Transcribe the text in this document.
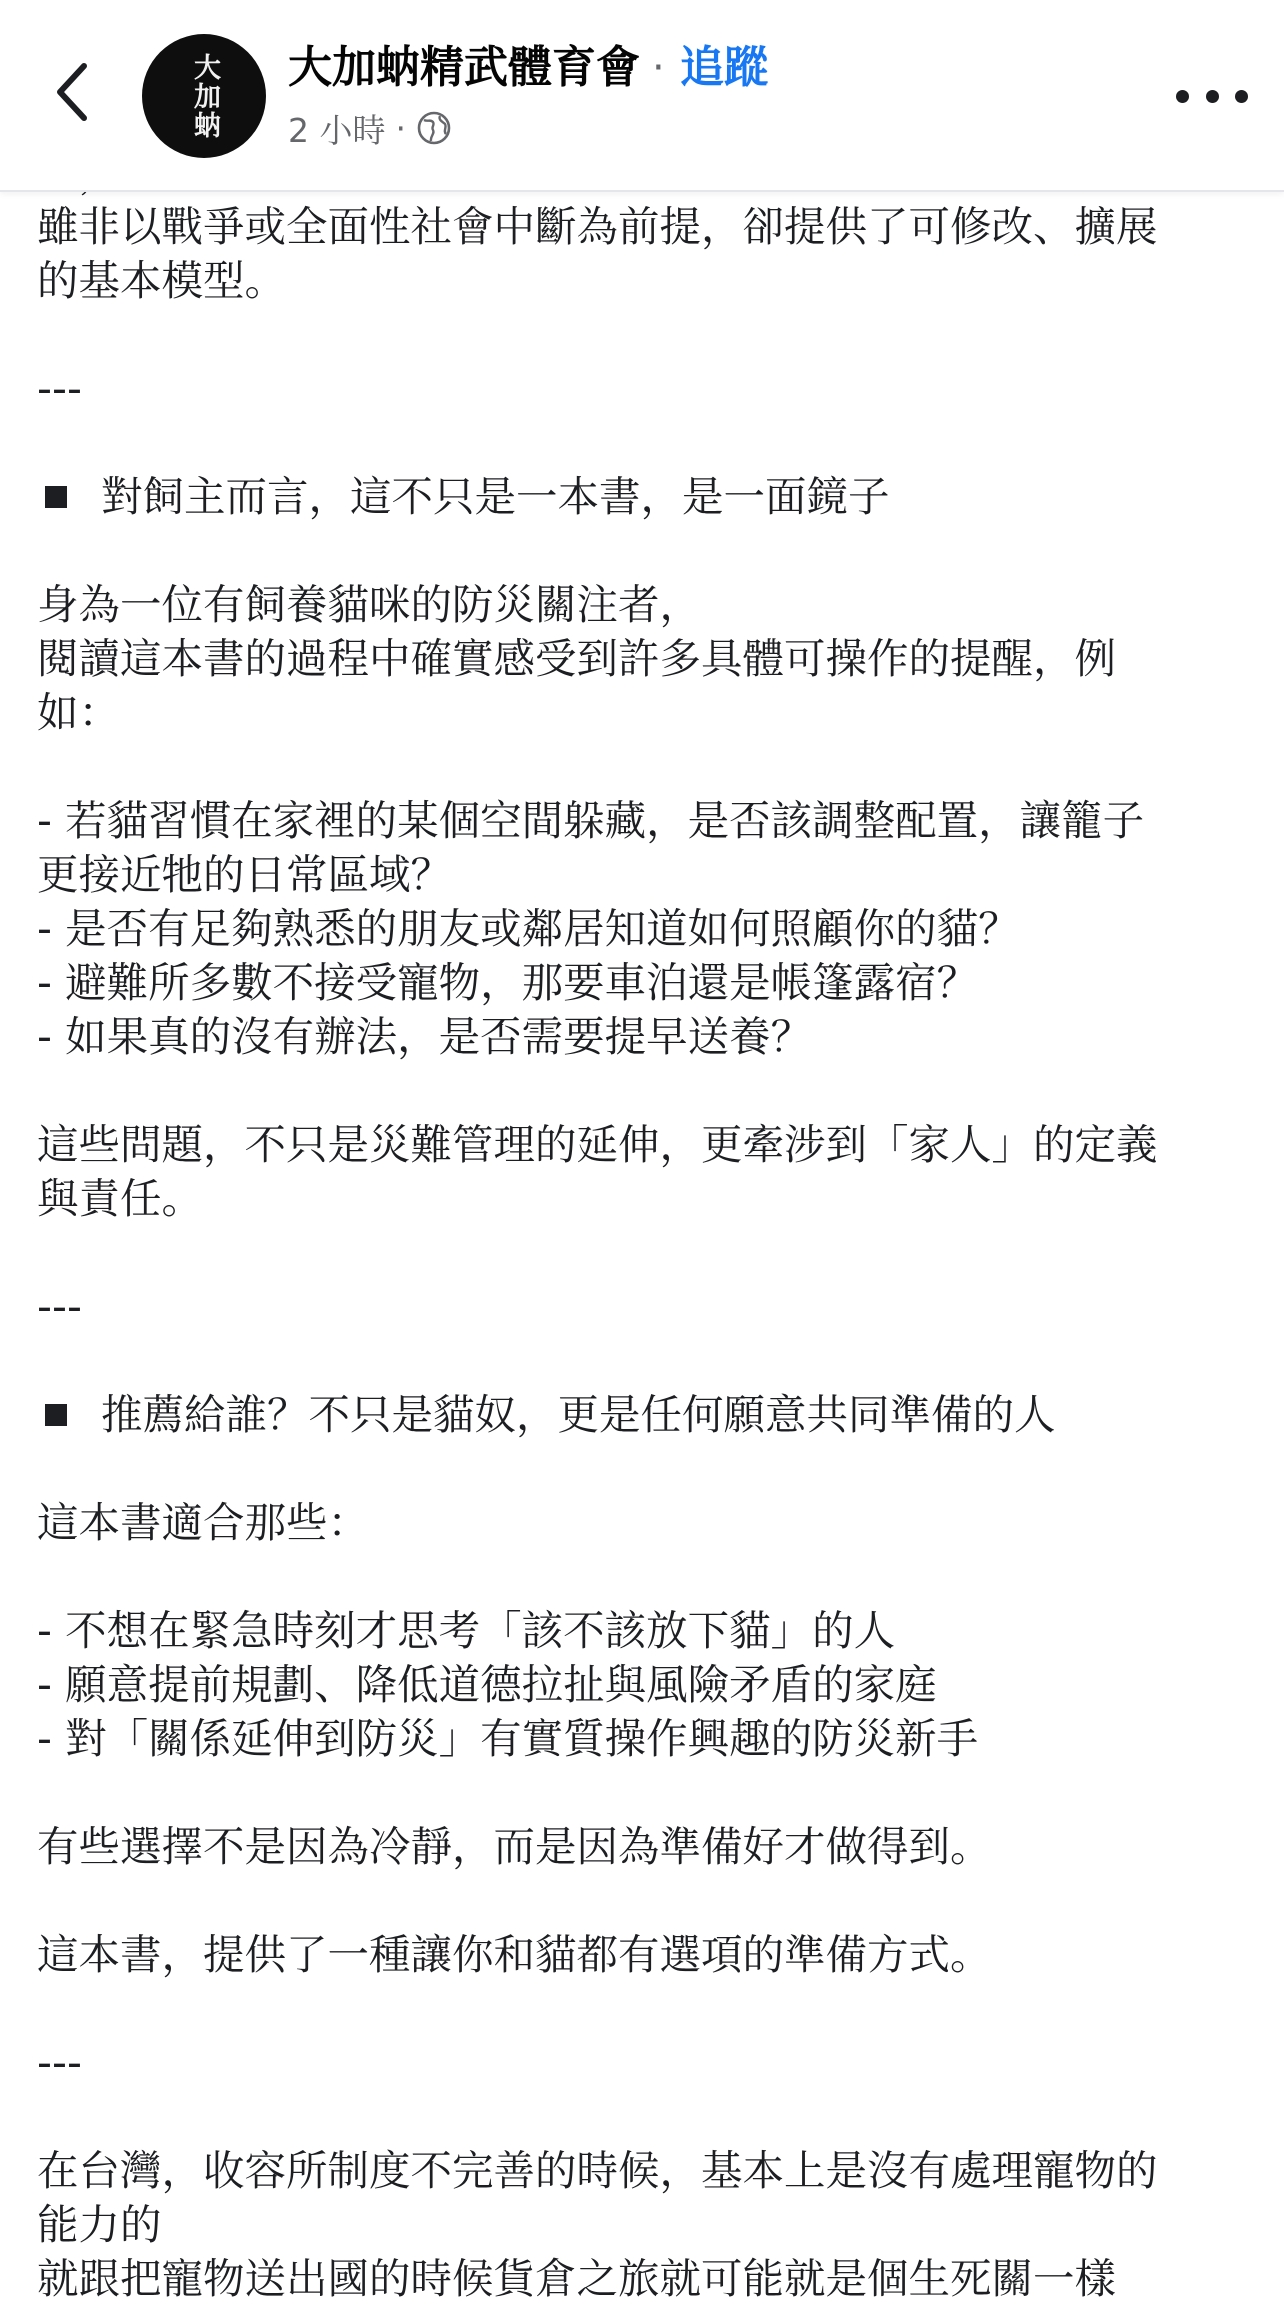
大加蚋 大加蚋精武體育會 · 追蹤
2 小時 ·
雖非以戰爭或全面性社會中斷為前提，卻提供了可修改、擴展
的基本模型。
---
對飼主而言，這不只是一本書，是一面鏡子
身為一位有飼養貓咪的防災關注者，
閱讀這本書的過程中確實感受到許多具體可操作的提醒，例
如：
- 若貓習慣在家裡的某個空間躲藏，是否該調整配置，讓籠子
更接近牠的日常區域？
- 是否有足夠熟悉的朋友或鄰居知道如何照顧你的貓？
- 避難所多數不接受寵物，那要車泊還是帳篷露宿？
- 如果真的沒有辦法，是否需要提早送養？
這些問題，不只是災難管理的延伸，更牽涉到「家人」的定義
與責任。
---
推薦給誰？不只是貓奴，更是任何願意共同準備的人
這本書適合那些：
- 不想在緊急時刻才思考「該不該放下貓」的人
- 願意提前規劃、降低道德拉扯與風險矛盾的家庭
- 對「關係延伸到防災」有實質操作興趣的防災新手
有些選擇不是因為冷靜，而是因為準備好才做得到。
這本書，提供了一種讓你和貓都有選項的準備方式。
---
在台灣，收容所制度不完善的時候，基本上是沒有處理寵物的
能力的
就跟把寵物送出國的時候貨倉之旅就可能就是個生死關一樣
